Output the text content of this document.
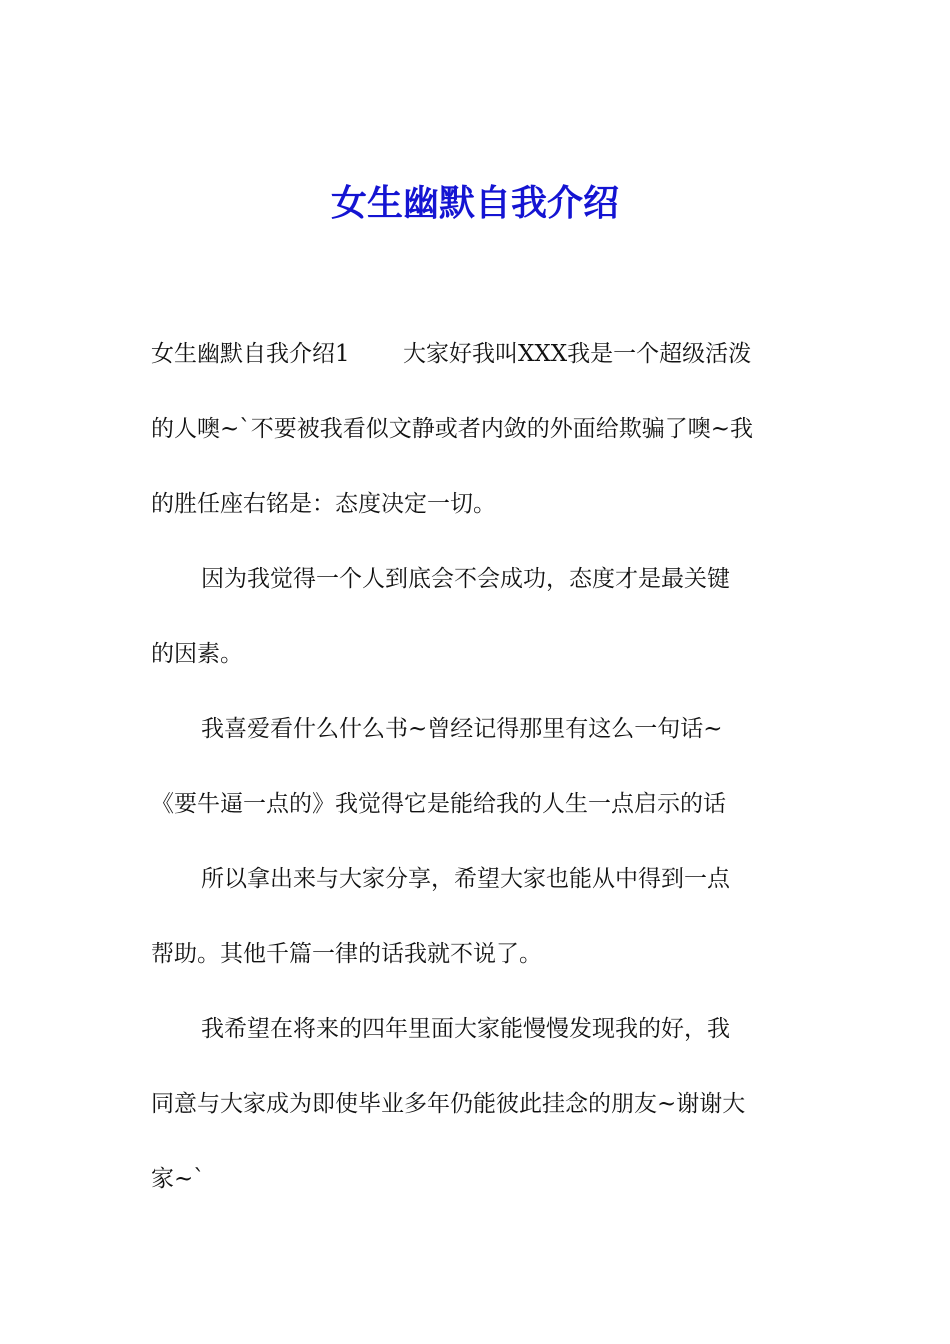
女生幽默自我介绍
女生幽默自我介绍1　　 大家好我叫XXX我是一个超级活泼
的人噢~`不要被我看似文静或者内敛的外面给欺骗了噢~我
的胜任座右铭是：态度决定一切。
因为我觉得一个人到底会不会成功，态度才是最关键
的因素。
我喜爱看什么什么书~曾经记得那里有这么一句话~
《要牛逼一点的》我觉得它是能给我的人生一点启示的话
所以拿出来与大家分享，希望大家也能从中得到一点
帮助。其他千篇一律的话我就不说了。
我希望在将来的四年里面大家能慢慢发现我的好，我
同意与大家成为即使毕业多年仍能彼此挂念的朋友~谢谢大
家~`
